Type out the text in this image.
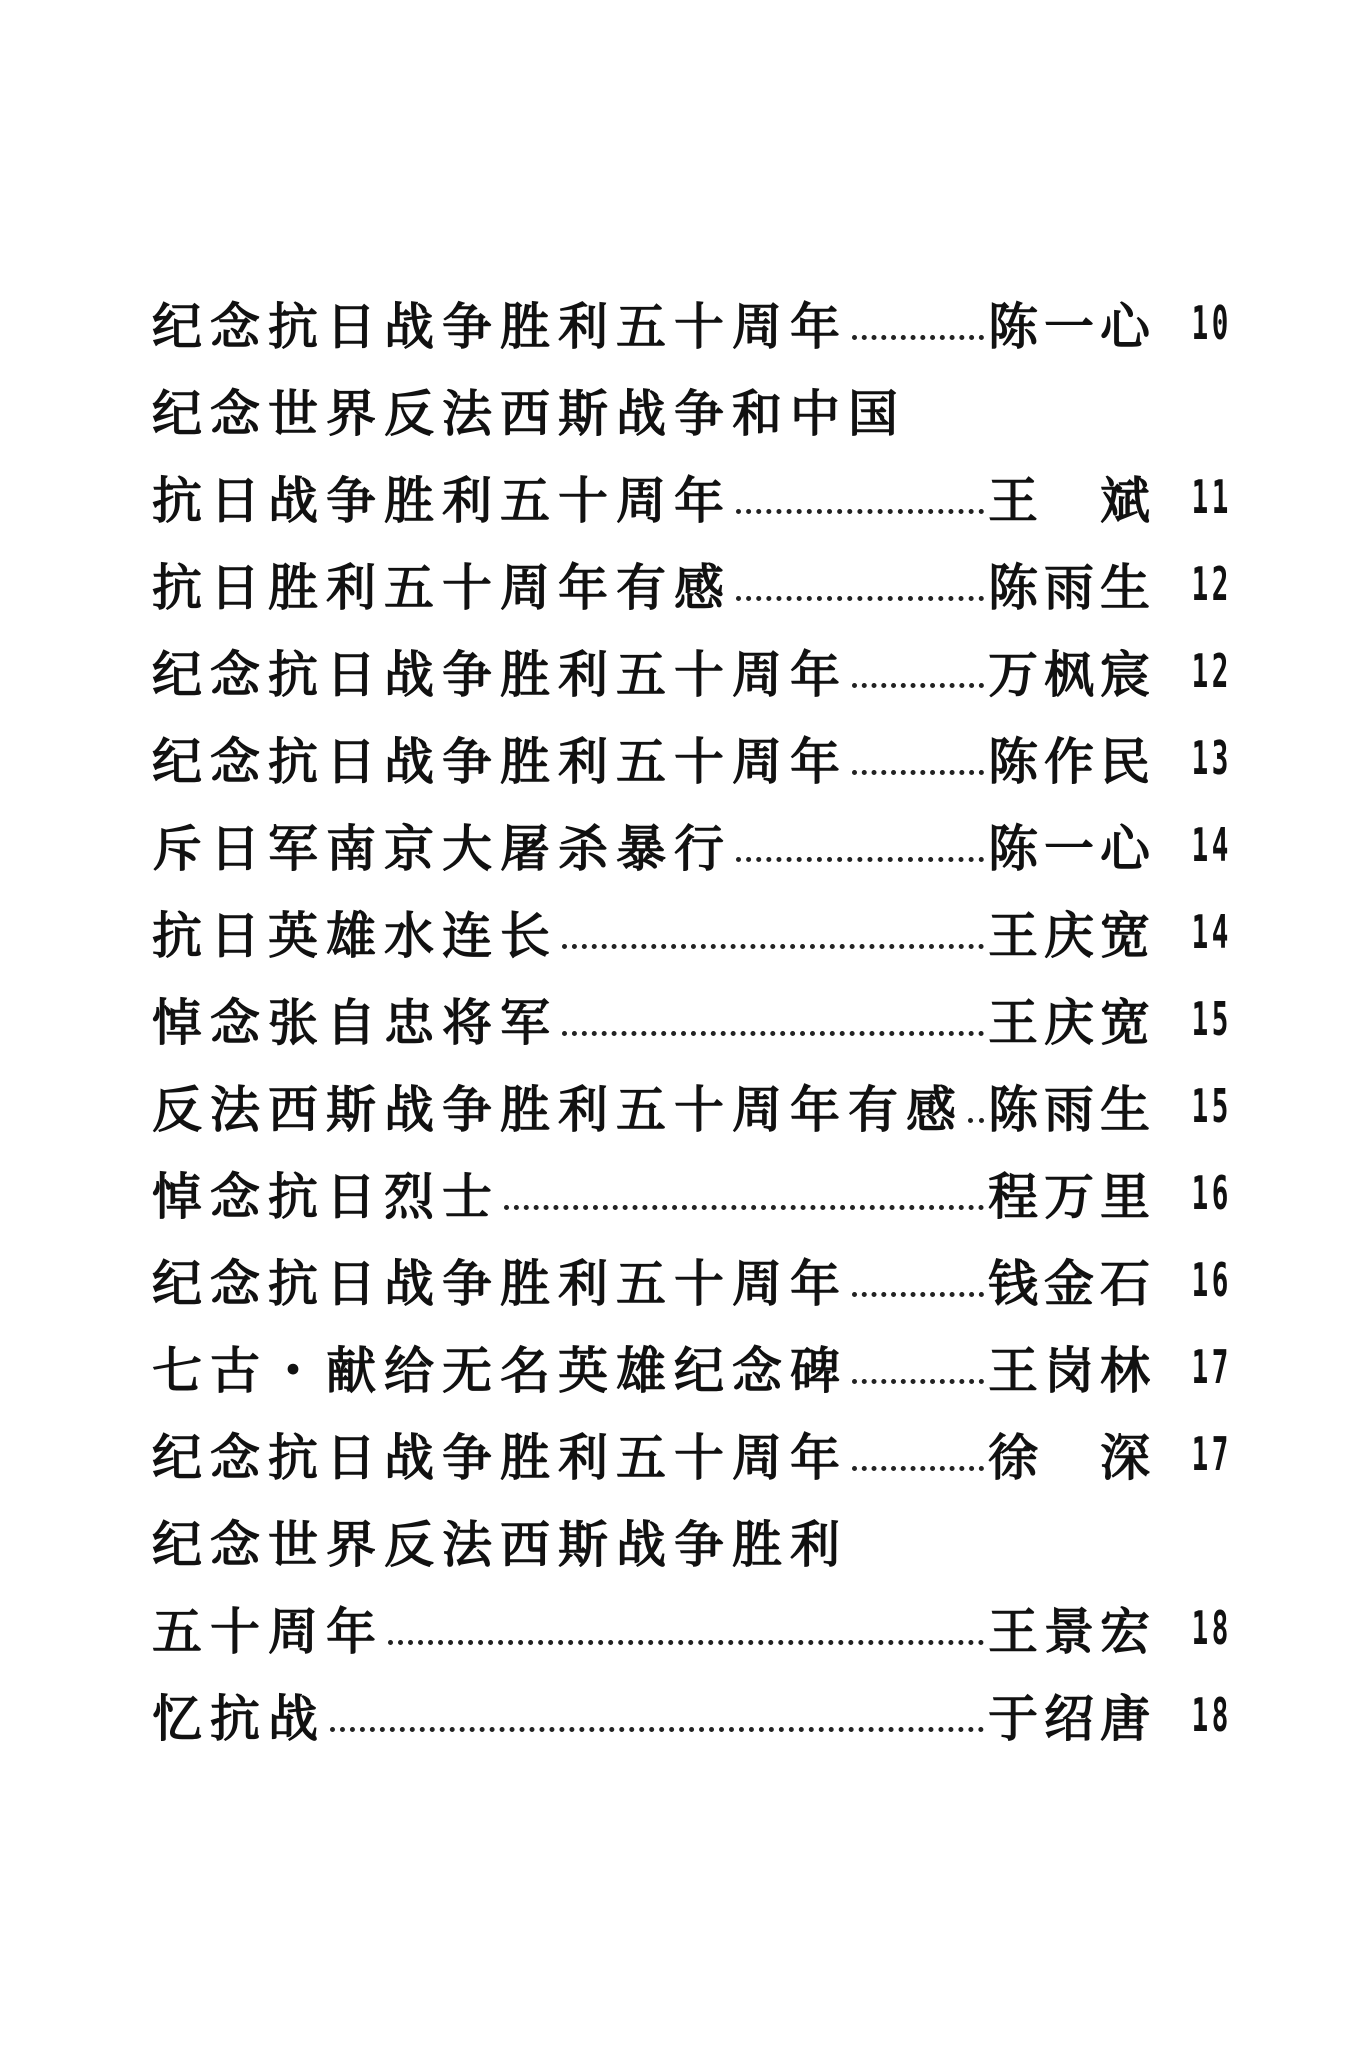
纪念抗日战争胜利五十周年	陈一心 10
纪念世界反法西斯战争和中国
抗日战争胜利五十周年	王　斌 11
抗日胜利五十周年有感	陈雨生 12
纪念抗日战争胜利五十周年	万枫宸 12
纪念抗日战争胜利五十周年	陈作民 13
斥日军南京大屠杀暴行	陈一心 14
抗日英雄水连长	王庆宽 14
悼念张自忠将军	王庆宽 15
反法西斯战争胜利五十周年有感 陈雨生 15
悼念抗日烈士	程万里 16
纪念抗日战争胜利五十周年	钱金石 16
七古・献给无名英雄纪念碑	王岗林 17
纪念抗日战争胜利五十周年	徐　深 17
纪念世界反法西斯战争胜利
五十周年	王景宏 18
忆抗战	于绍唐 18
